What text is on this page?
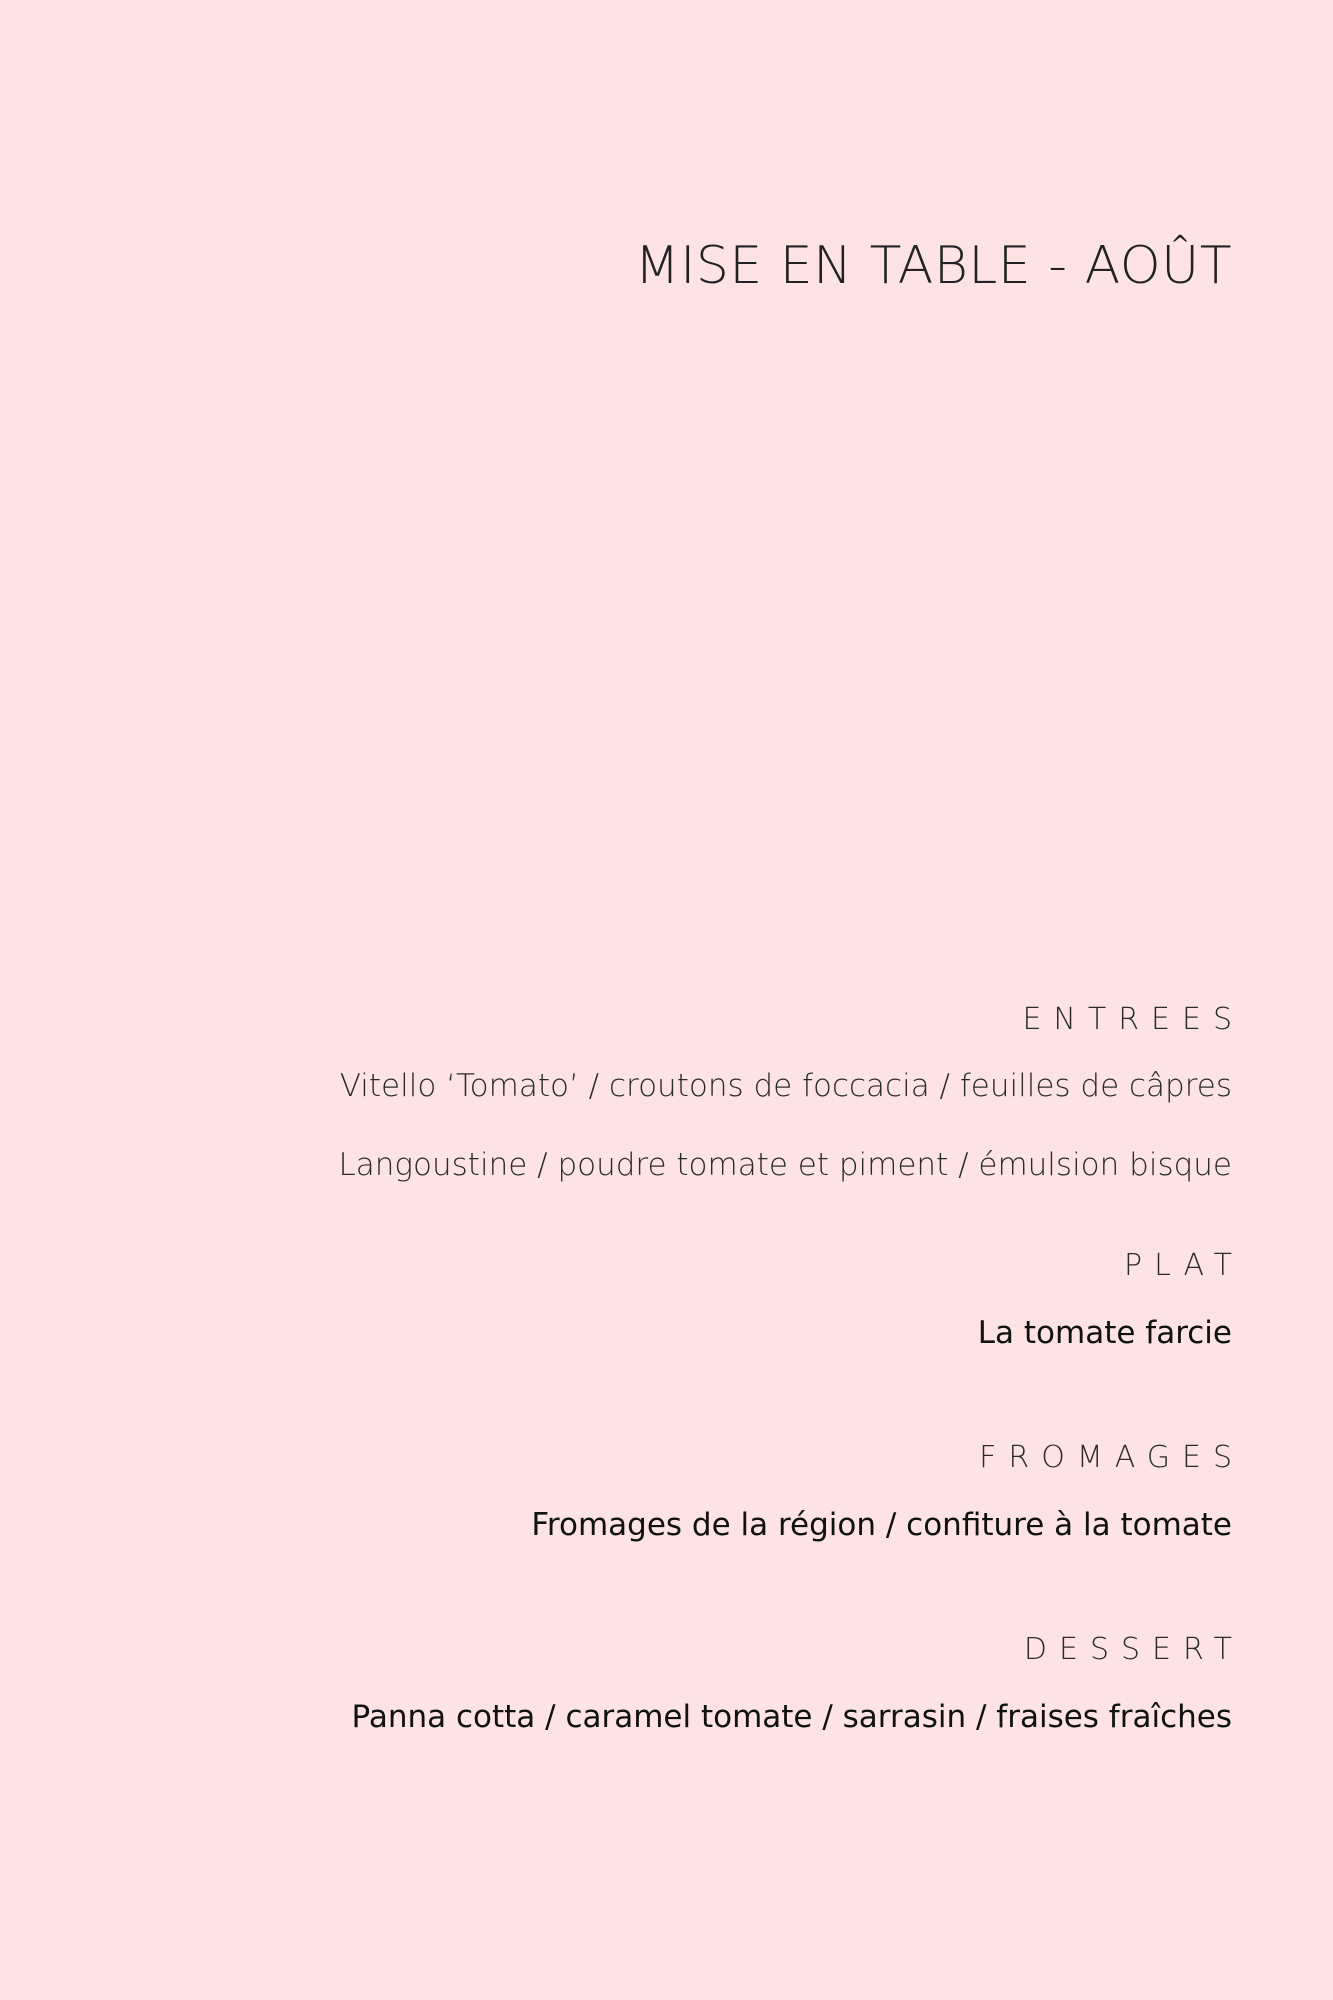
MISE EN TABLE - AOÛT
ENTREES
Vitello ‘Tomato’ / croutons de foccacia / feuilles de câpres
Langoustine / poudre tomate et piment / émulsion bisque
PLAT
La tomate farcie
FROMAGES
Fromages de la région / confiture à la tomate
DESSERT
Panna cotta / caramel tomate / sarrasin / fraises fraîches
